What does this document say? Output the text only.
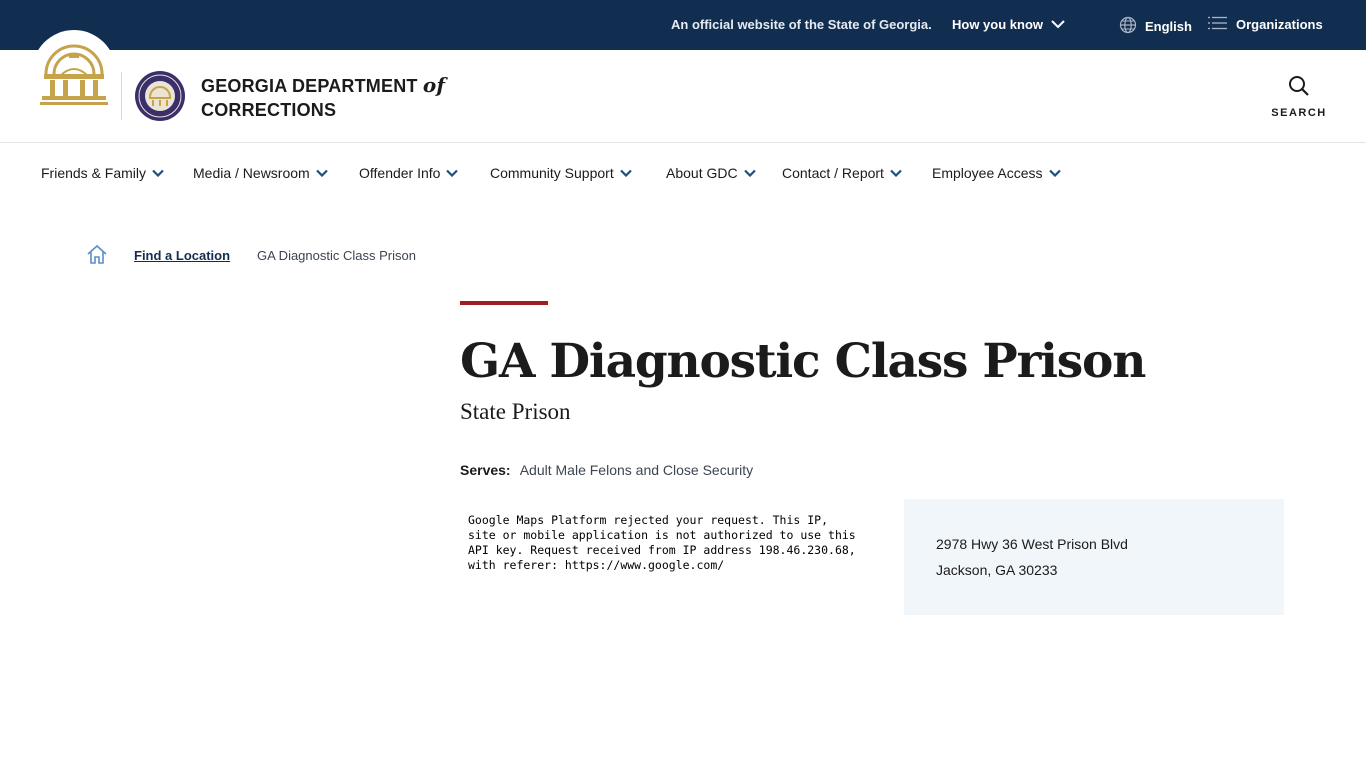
An official website of the State of Georgia. How you know	English	Organizations
GEORGIA DEPARTMENT of
CORRECTIONS	SEARCH
Friends & Family	Media / Newsroom	Offender Info	Community Support	About GDC	Contact / Report	Employee Access
Find a Location GA Diagnostic Class Prison
GA Diagnostic Class Prison
State Prison
Serves: Adult Male Felons and Close Security
Google Maps Platform rejected your request. This IP, site or mobile application is not authorized to use this API key. Request received from IP address 198.46.230.68, with referer: https://www.google.com/
2978 Hwy 36 West Prison Blvd
Jackson, GA 30233
